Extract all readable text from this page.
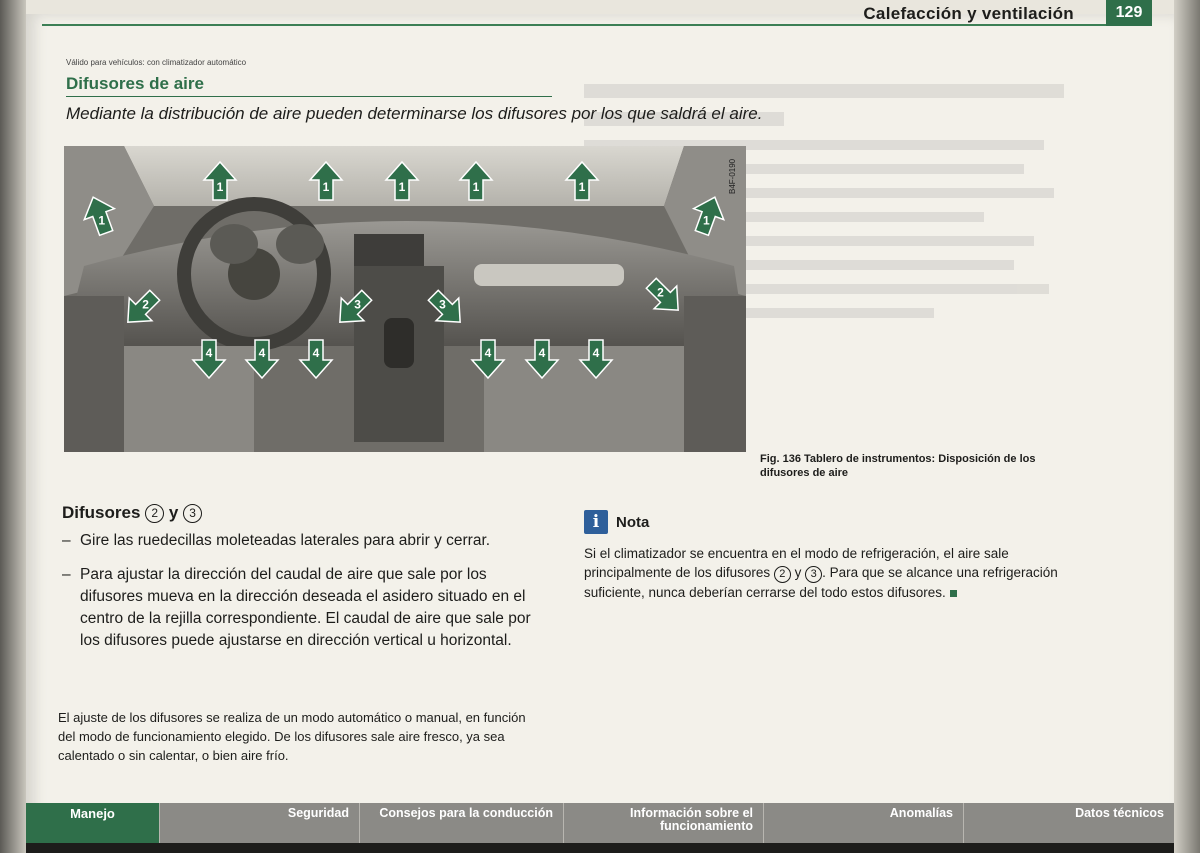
Calefacción y ventilación	129
Válido para vehículos: con climatizador automático
Difusores de aire
Mediante la distribución de aire pueden determinarse los difusores por los que saldrá el aire.
1
1	1	1	1	1
1
2
2
3	3
4	4	4	4	4	4
B4F-0190
Fig. 136 Tablero de instrumentos: Disposición de los difusores de aire
Difusores 2 y 3
– Gire las ruedecillas moleteadas laterales para abrir y cerrar.
– Para ajustar la dirección del caudal de aire que sale por los difusores mueva en la dirección deseada el asidero situado en el centro de la rejilla correspondiente. El caudal de aire que sale por los difusores puede ajustarse en dirección vertical u horizontal.
El ajuste de los difusores se realiza de un modo automático o manual, en función del modo de funcionamiento elegido. De los difusores sale aire fresco, ya sea calentado o sin calentar, o bien aire frío.
i	Nota
Si el climatizador se encuentra en el modo de refrigeración, el aire sale principalmente de los difusores 2 y 3 . Para que se alcance una refrigeración suficiente, nunca deberían cerrarse del todo estos difusores.
Manejo	Seguridad	Consejos para la conducción	Información sobre el funcionamiento
Anomalías	Datos técnicos
